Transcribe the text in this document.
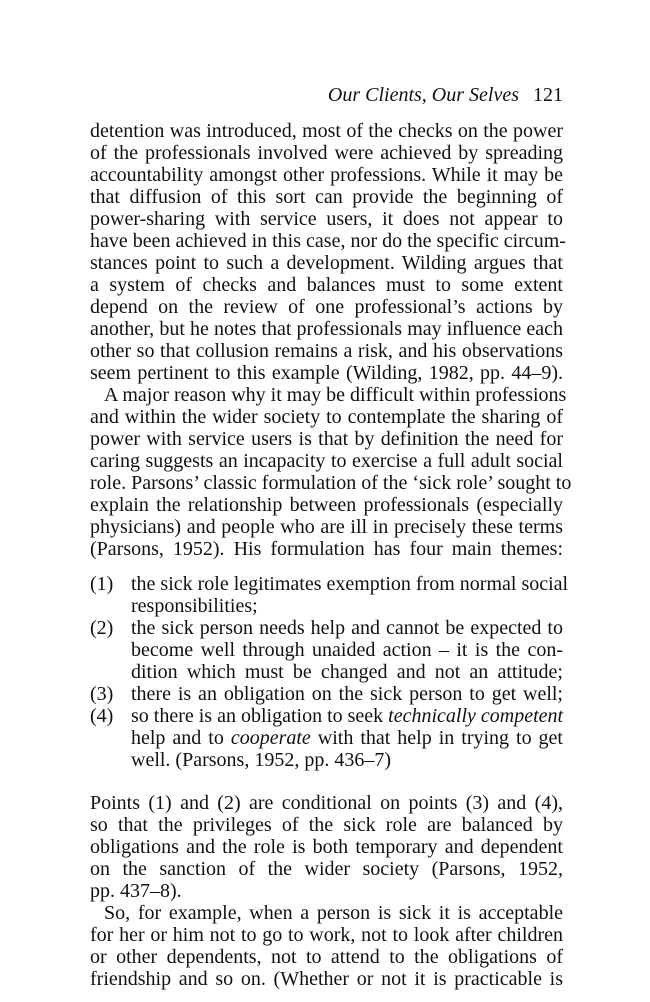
Our Clients, Our Selves 121
detention was introduced, most of the checks on the power
of the professionals involved were achieved by spreading
accountability amongst other professions. While it may be
that diffusion of this sort can provide the beginning of
power-sharing with service users, it does not appear to
have been achieved in this case, nor do the specific circum-
stances point to such a development. Wilding argues that
a system of checks and balances must to some extent
depend on the review of one professional’s actions by
another, but he notes that professionals may influence each
other so that collusion remains a risk, and his observations
seem pertinent to this example (Wilding, 1982, pp. 44–9).
A major reason why it may be difficult within professions
and within the wider society to contemplate the sharing of
power with service users is that by definition the need for
caring suggests an incapacity to exercise a full adult social
role. Parsons’ classic formulation of the ‘sick role’ sought to
explain the relationship between professionals (especially
physicians) and people who are ill in precisely these terms
(Parsons, 1952). His formulation has four main themes:
(1) the sick role legitimates exemption from normal social
responsibilities;
(2) the sick person needs help and cannot be expected to
become well through unaided action – it is the con-
dition which must be changed and not an attitude;
(3) there is an obligation on the sick person to get well;
(4) so there is an obligation to seek technically competent
help and to cooperate with that help in trying to get
well. (Parsons, 1952, pp. 436–7)
Points (1) and (2) are conditional on points (3) and (4),
so that the privileges of the sick role are balanced by
obligations and the role is both temporary and dependent
on the sanction of the wider society (Parsons, 1952,
pp. 437–8).
So, for example, when a person is sick it is acceptable
for her or him not to go to work, not to look after children
or other dependents, not to attend to the obligations of
friendship and so on. (Whether or not it is practicable is
